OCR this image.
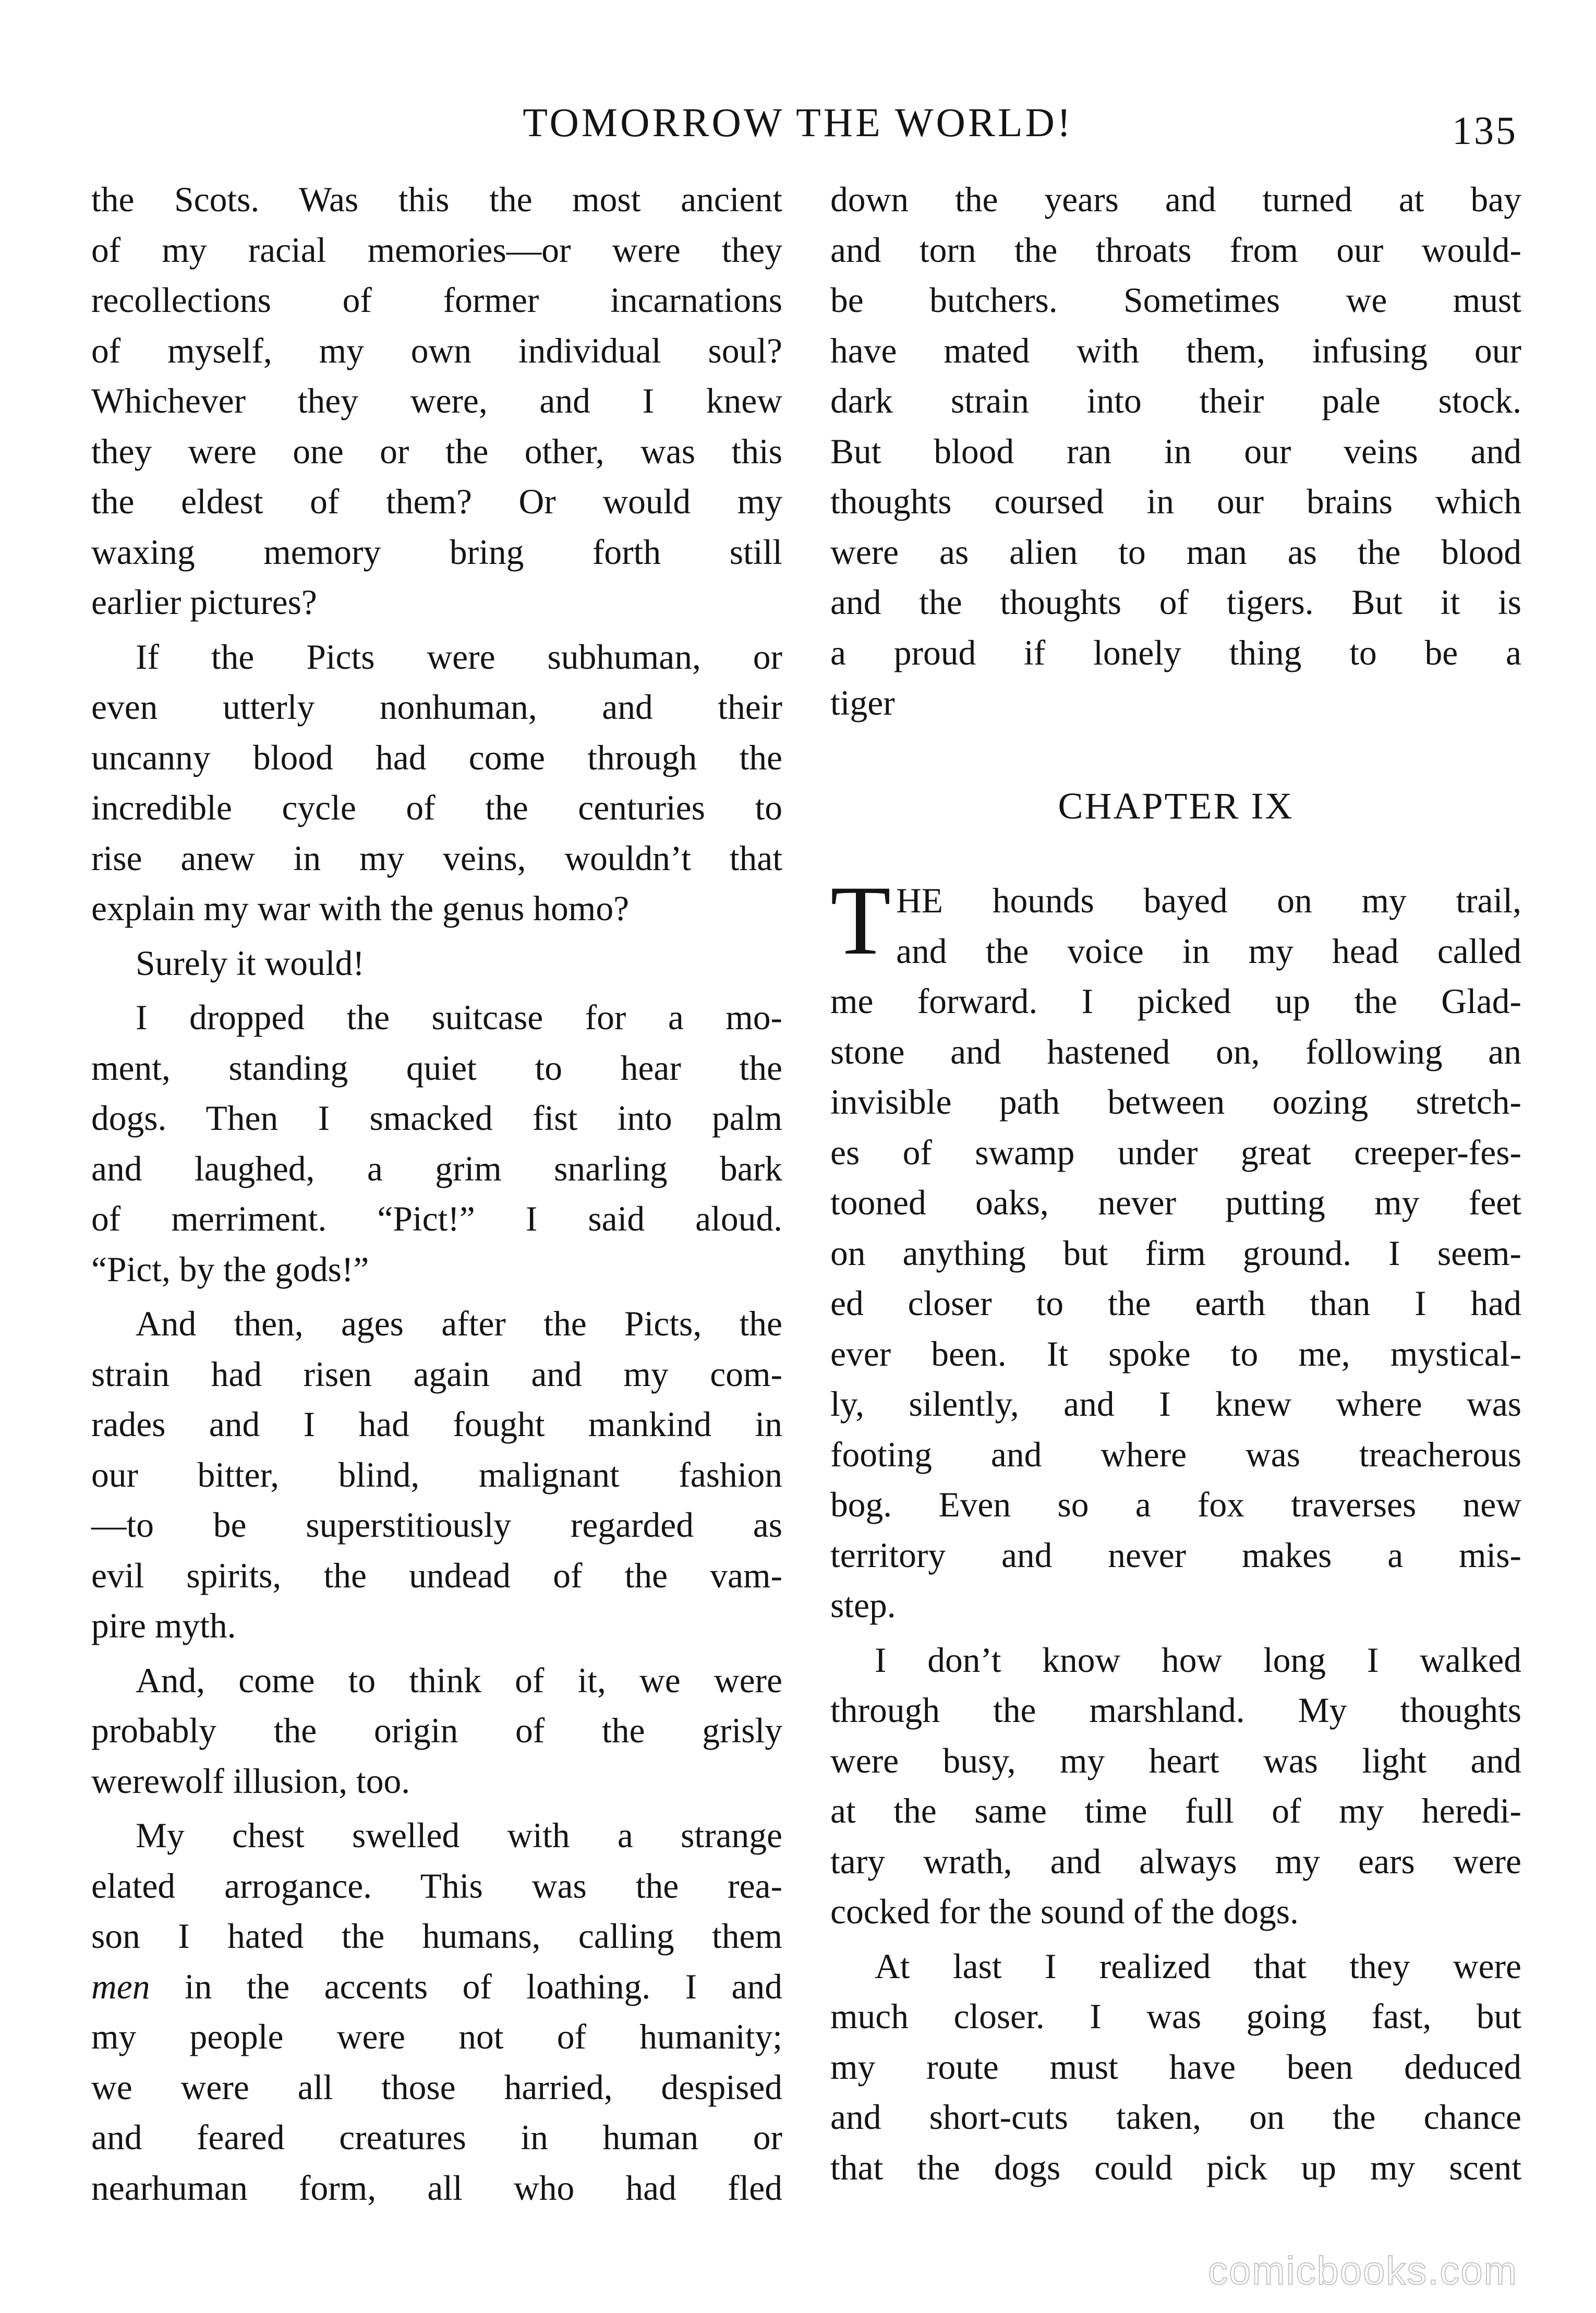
TOMORROW THE WORLD!	135

the Scots. Was this the most ancient
of my racial memories—or were they
recollections of former incarnations
of myself, my own individual soul?
Whichever they were, and I knew
they were one or the other, was this
the eldest of them? Or would my
waxing memory bring forth still
earlier pictures?

If the Picts were subhuman, or
even utterly nonhuman, and their
uncanny blood had come through the
incredible cycle of the centuries to
rise anew in my veins, wouldn’t that
explain my war with the genus homo?

Surely it would!

I dropped the suitcase for a mo-
ment, standing quiet to hear the
dogs. Then I smacked fist into palm
and laughed, a grim snarling bark
of merriment. “Pict!” I said aloud.
“Pict, by the gods!”

And then, ages after the Picts, the
strain had risen again and my com-
rades and I had fought mankind in
our bitter, blind, malignant fashion
—to be superstitiously regarded as
evil spirits, the undead of the vam-
pire myth.

And, come to think of it, we were
probably the origin of the grisly
werewolf illusion, too.

My chest swelled with a strange
elated arrogance. This was the rea-
son I hated the humans, calling them
men in the accents of loathing. I and
my people were not of humanity;
we were all those harried, despised
and feared creatures in human or
nearhuman form, all who had fled

down the years and turned at bay
and torn the throats from our would-
be butchers. Sometimes we must
have mated with them, infusing our
dark strain into their pale stock.
But blood ran in our veins and
thoughts coursed in our brains which
were as alien to man as the blood
and the thoughts of tigers. But it is
a proud if lonely thing to be a
tiger

CHAPTER IX

T HE hounds bayed on my trail,
and the voice in my head called
me forward. I picked up the Glad-
stone and hastened on, following an
invisible path between oozing stretch-
es of swamp under great creeper-fes-
tooned oaks, never putting my feet
on anything but firm ground. I seem-
ed closer to the earth than I had
ever been. It spoke to me, mystical-
ly, silently, and I knew where was
footing and where was treacherous
bog. Even so a fox traverses new
territory and never makes a mis-
step.

I don’t know how long I walked
through the marshland. My thoughts
were busy, my heart was light and
at the same time full of my heredi-
tary wrath, and always my ears were
cocked for the sound of the dogs.

At last I realized that they were
much closer. I was going fast, but
my route must have been deduced
and short-cuts taken, on the chance
that the dogs could pick up my scent

comicbooks.com
